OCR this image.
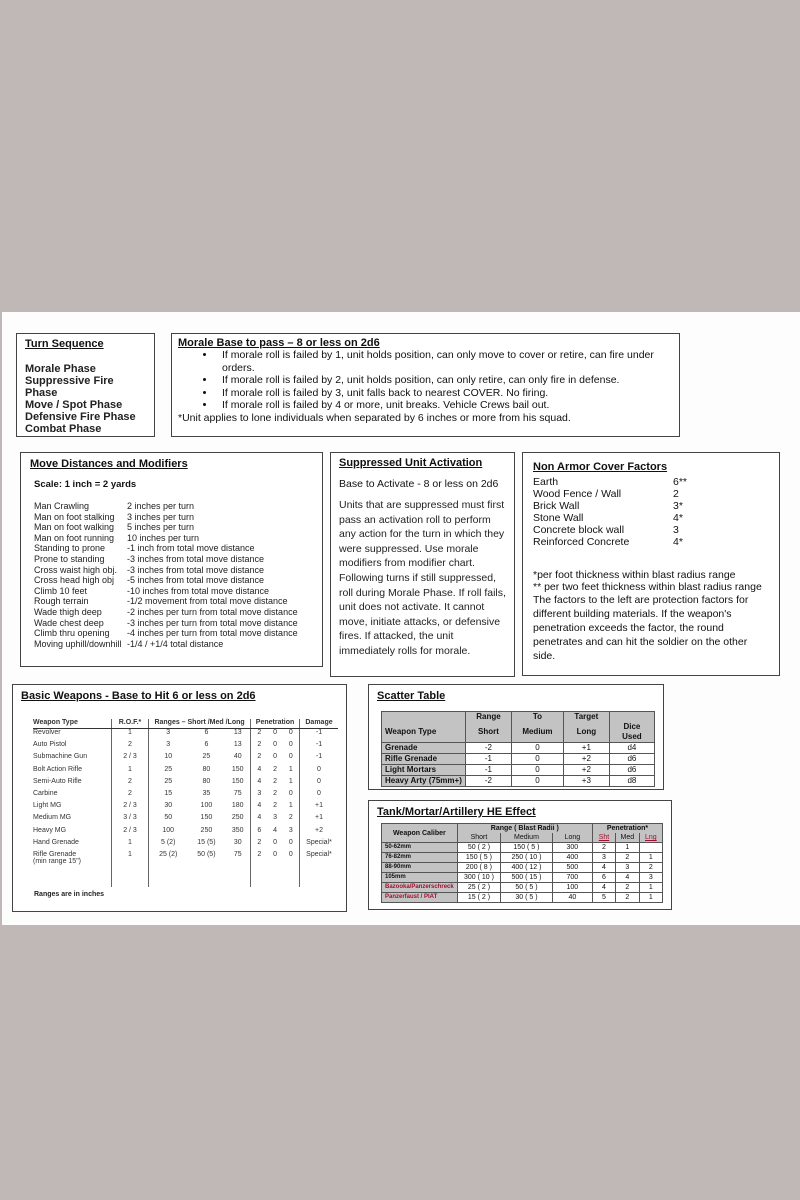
Turn Sequence
Morale Phase
Suppressive Fire Phase
Move / Spot Phase
Defensive Fire Phase
Combat Phase
Morale Base to pass – 8 or less on 2d6
• If morale roll is failed by 1, unit holds position, can only move to cover or retire, can fire under orders.
• If morale roll is failed by 2, unit holds position, can only retire, can only fire in defense.
• If morale roll is failed by 3, unit falls back to nearest COVER. No firing.
• If morale roll is failed by 4 or more, unit breaks. Vehicle Crews bail out.
*Unit applies to lone individuals when separated by 6 inches or more from his squad.
Move Distances and Modifiers
Scale: 1 inch = 2 yards
Man Crawling	2 inches per turn
Man on foot stalking	3 inches per turn
Man on foot walking	5 inches per turn
Man on foot running	10 inches per turn
Standing to prone	-1 inch from total move distance
Prone to standing	-3 inches from total move distance
Cross waist high obj.	-3 inches from total move distance
Cross head high obj	-5 inches from total move distance
Climb 10 feet	-10 inches from total move distance
Rough terrain	-1/2 movement from total move distance
Wade thigh deep	-2 inches per turn from total move distance
Wade chest deep	-3 inches per turn from total move distance
Climb thru opening	-4 inches per turn from total move distance
Moving uphill/downhill	-1/4 / +1/4 total distance
Suppressed Unit Activation
Base to Activate - 8 or less on 2d6
Units that are suppressed must first pass an activation roll to perform any action for the turn in which they were suppressed. Use morale modifiers from modifier chart. Following turns if still suppressed, roll during Morale Phase. If roll fails, unit does not activate. It cannot move, initiate attacks, or defensive fires. If attacked, the unit immediately rolls for morale.
Non Armor Cover Factors
Earth	6**
Wood Fence / Wall	2
Brick Wall	3*
Stone Wall	4*
Concrete block wall	3
Reinforced Concrete	4*
*per foot thickness within blast radius range
** per two feet thickness within blast radius range
The factors to the left are protection factors for different building materials. If the weapon's penetration exceeds the factor, the round penetrates and can hit the soldier on the other side.
Basic Weapons - Base to Hit 6 or less on 2d6
Weapon Type	R.O.F.*	Ranges – Short /Med /Long			Penetration			Damage

Revolver	1	3	6	13	2	0	0	-1

Auto Pistol	2	3	6	13	2	0	0	-1

Submachine Gun	2 / 3	10	25	40	2	0	0	-1

Bolt Action Rifle	1	25	80	150	4	2	1	0

Semi-Auto Rifle	2	25	80	150	4	2	1	0

Carbine	2	15	35	75	3	2	0	0

Light MG	2 / 3	30	100	180	4	2	1	+1

Medium MG	3 / 3	50	150	250	4	3	2	+1

Heavy MG	2 / 3	100	250	350	6	4	3	+2

Hand Grenade	1	5 (2)	15 (5)	30	2	0	0	Special*

Rifle Grenade
(min range 15")	1	25 (2)	50 (5)	75	2	0	0	Special*

Ranges are in inches
Scatter Table
	Range	To	Target	
Weapon Type	Short	Medium	Long	Dice Used
Grenade	-2	0	+1	d4
Rifle Grenade	-1	0	+2	d6
Light Mortars	-1	0	+2	d6
Heavy Arty (75mm+)	-2	0	+3	d8
Tank/Mortar/Artillery HE Effect
Weapon Caliber	Range ( Blast Radii )			Penetration*		
	Short	Medium	Long	Sht	Med	Lng
50-62mm	50 ( 2 )	150 ( 5 )	300	2	1	
76-82mm	150 ( 5 )	250 ( 10 )	400	3	2	1
88-90mm	200 ( 8 )	400 ( 12 )	500	4	3	2
105mm	300 ( 10 )	500 ( 15 )	700	6	4	3
Bazooka/Panzerschreck	25 ( 2 )	50 ( 5 )	100	4	2	1
Panzerfaust / PIAT	15 ( 2 )	30 ( 5 )	40	5	2	1
